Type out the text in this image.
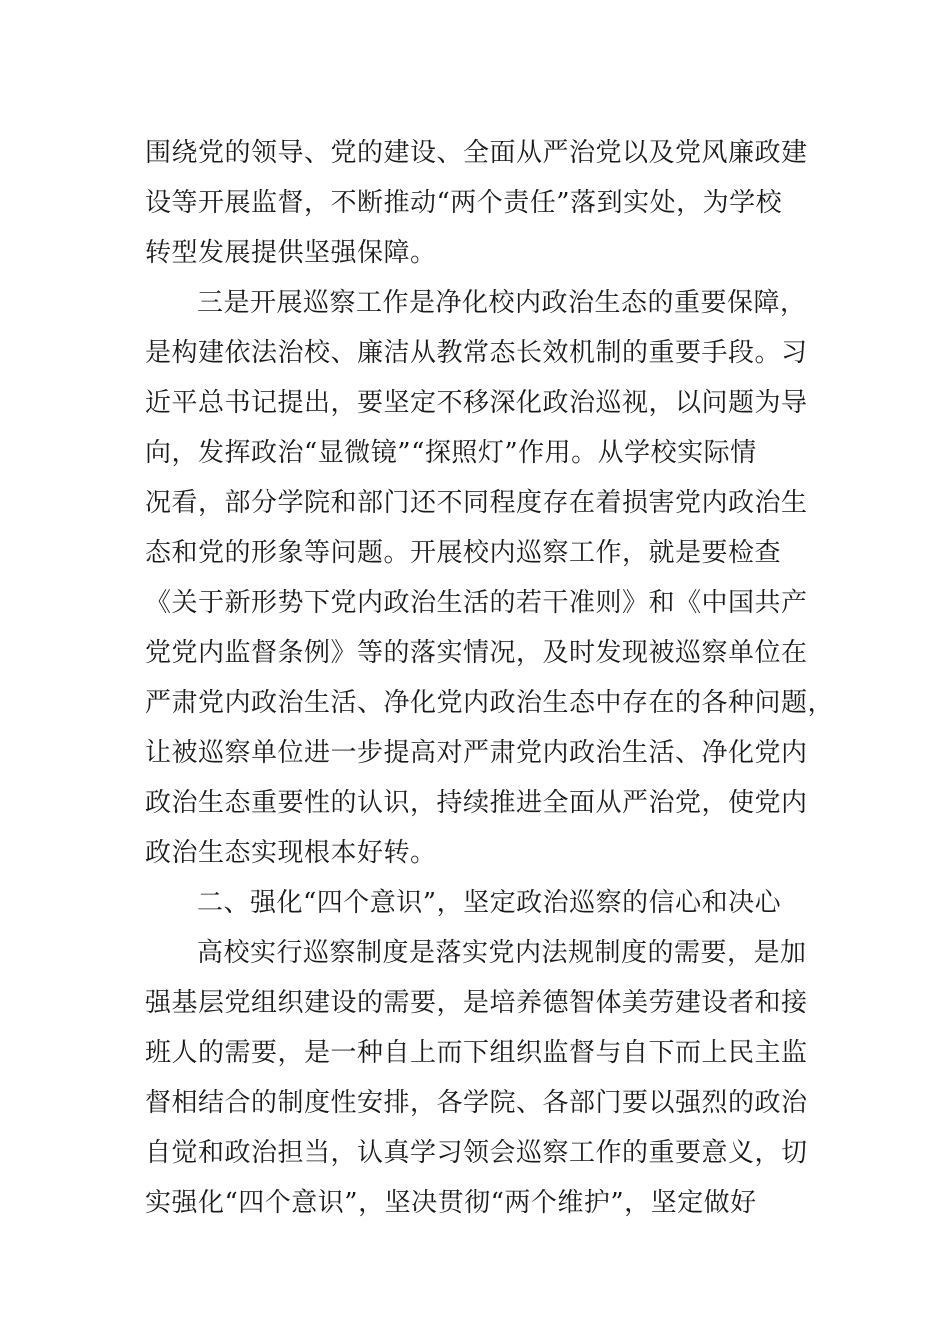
围绕党的领导、党的建设、全面从严治党以及党风廉政建
设等开展监督，不断推动“两个责任”落到实处，为学校
转型发展提供坚强保障。
三是开展巡察工作是净化校内政治生态的重要保障，
是构建依法治校、廉洁从教常态长效机制的重要手段。习
近平总书记提出，要坚定不移深化政治巡视，以问题为导
向，发挥政治“显微镜”“探照灯”作用。从学校实际情
况看，部分学院和部门还不同程度存在着损害党内政治生
态和党的形象等问题。开展校内巡察工作，就是要检查
《关于新形势下党内政治生活的若干准则》和《中国共产
党党内监督条例》等的落实情况，及时发现被巡察单位在
严肃党内政治生活、净化党内政治生态中存在的各种问题，
让被巡察单位进一步提高对严肃党内政治生活、净化党内
政治生态重要性的认识，持续推进全面从严治党，使党内
政治生态实现根本好转。
二、强化“四个意识”，坚定政治巡察的信心和决心
高校实行巡察制度是落实党内法规制度的需要，是加
强基层党组织建设的需要，是培养德智体美劳建设者和接
班人的需要，是一种自上而下组织监督与自下而上民主监
督相结合的制度性安排，各学院、各部门要以强烈的政治
自觉和政治担当，认真学习领会巡察工作的重要意义，切
实强化“四个意识”，坚决贯彻“两个维护”，坚定做好
